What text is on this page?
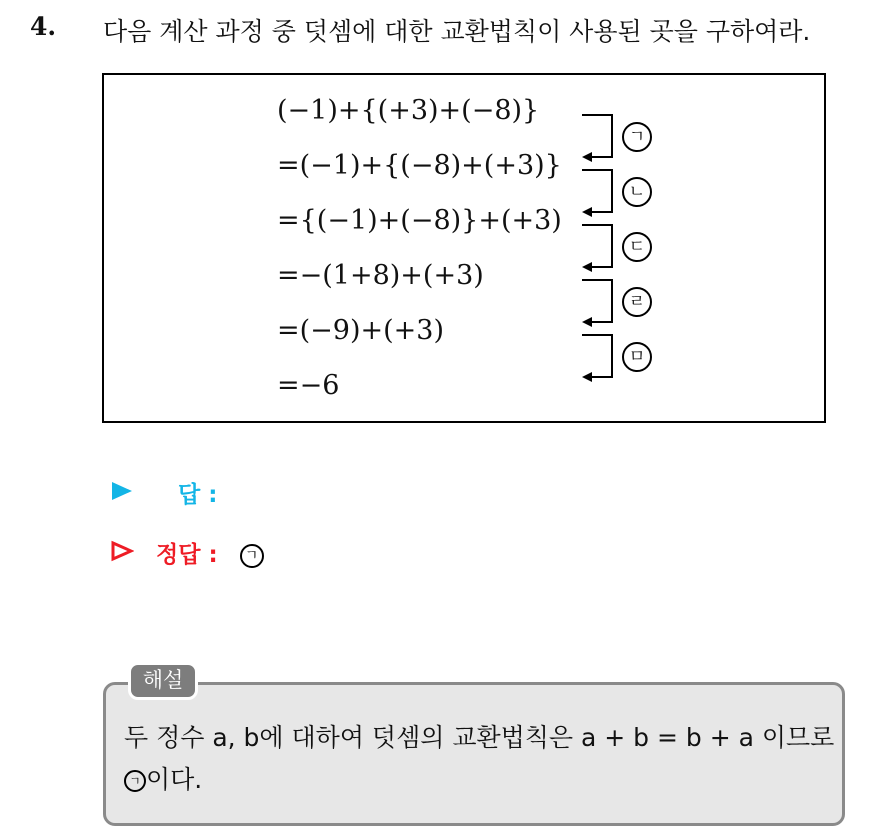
4. 다음 계산 과정 중 덧셈에 대한 교환법칙이 사용된 곳을 구하여라.
(−1)+{(+3)+(−8)}
=(−1)+{(−8)+(+3)}
={(−1)+(−8)}+(+3)
=−(1+8)+(+3)
=(−9)+(+3)
=−6
ㄱ
ㄴ
ㄷ
ㄹ
ㅁ
답 :
정답 : ㄱ
해설
두 정수 a, b에 대하여 덧셈의 교환법칙은 a + b = b + a 이므로
ㄱ 이다.
